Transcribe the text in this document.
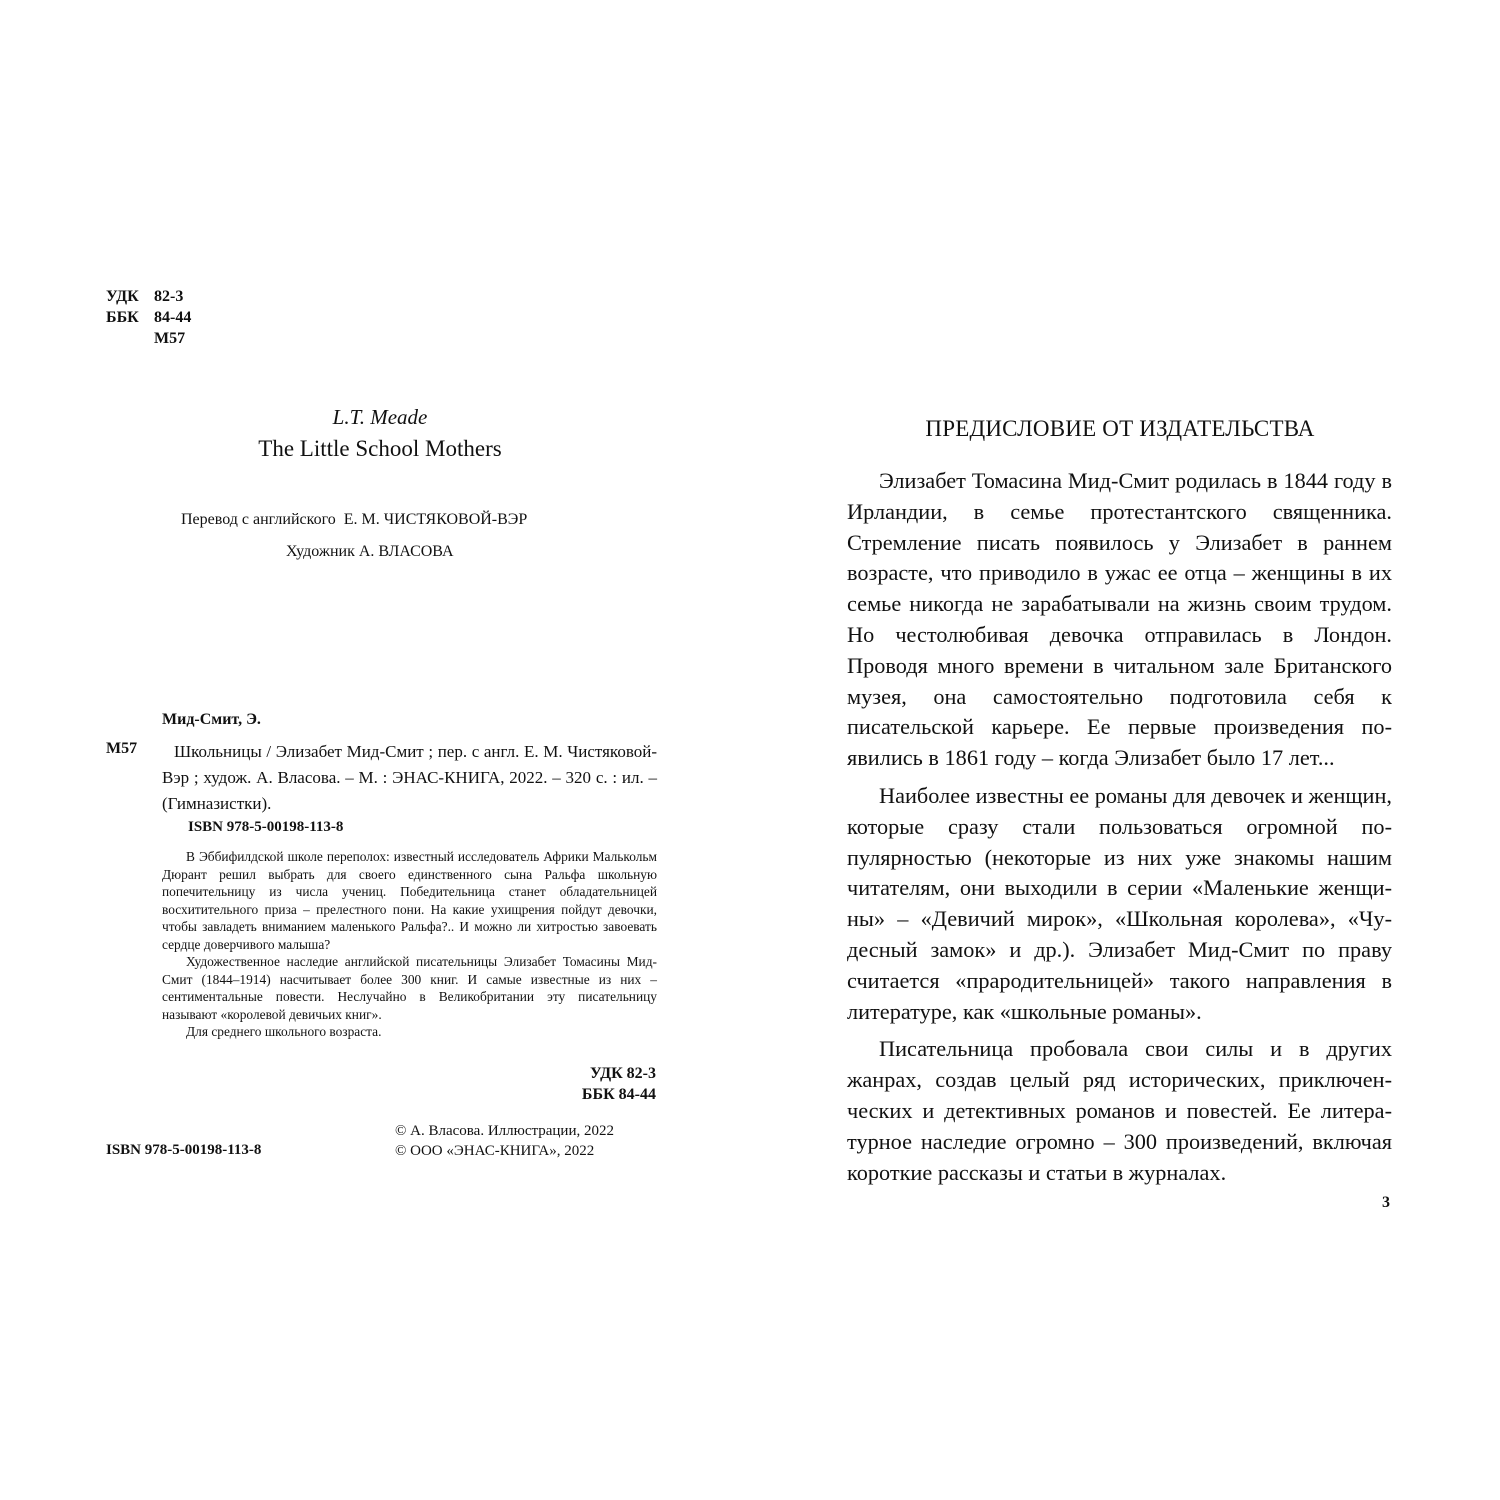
УДК 82-3
ББК 84-44
М57
L.T. Meade
The Little School Mothers
Перевод с английского Е. М. ЧИСТЯКОВОЙ-ВЭР
Художник А. ВЛАСОВА
Мид-Смит, Э.
М57	Школьницы / Элизабет Мид-Смит ; пер. с англ. Е. М. Чистяковой-Вэр ; худож. А. Власова. – М. : ЭНАС-КНИГА, 2022. – 320 с. : ил. – (Гимназистки).
ISBN 978-5-00198-113-8

В Эббифилдской школе переполох: известный исследователь Африки Малькольм Дюрант решил выбрать для своего единственного сына Ральфа школьную попечительницу из числа учениц. Победительница станет обладательницей восхитительного приза – прелестного пони. На какие ухищрения пойдут девочки, чтобы завладеть вниманием маленького Ральфа?.. И можно ли хитростью завоевать сердце доверчивого малыша?

Художественное наследие английской писательницы Элизабет Томасины Мид-Смит (1844–1914) насчитывает более 300 книг. И самые известные из них – сентиментальные повести. Неслучайно в Великобритании эту писательницу называют «королевой девичьих книг».

Для среднего школьного возраста.

УДК 82-3
ББК 84-44
© А. Власова. Иллюстрации, 2022
© ООО «ЭНАС-КНИГА», 2022
ISBN 978-5-00198-113-8
ПРЕДИСЛОВИЕ ОТ ИЗДАТЕЛЬСТВА

Элизабет Томасина Мид-Смит родилась в 1844 году в Ирландии, в семье протестантского священника. Стремление писать появилось у Элизабет в раннем возрасте, что приводило в ужас ее отца – женщины в их семье никогда не зарабатывали на жизнь своим трудом. Но честолюбивая девочка отправилась в Лондон. Проводя много времени в читальном зале Британского музея, она самостоятельно подготовила себя к писательской карьере. Ее первые произведения появились в 1861 году – когда Элизабет было 17 лет...

Наиболее известны ее романы для девочек и женщин, которые сразу стали пользоваться огромной популярностью (некоторые из них уже знакомы нашим читателям, они выходили в серии «Маленькие женщины» – «Девичий мирок», «Школьная королева», «Чудесный замок» и др.). Элизабет Мид-Смит по праву считается «прародительницей» такого направления в литературе, как «школьные романы».

Писательница пробовала свои силы и в других жанрах, создав целый ряд исторических, приключенческих и детективных романов и повестей. Ее литературное наследие огромно – 300 произведений, включая короткие рассказы и статьи в журналах.

3
